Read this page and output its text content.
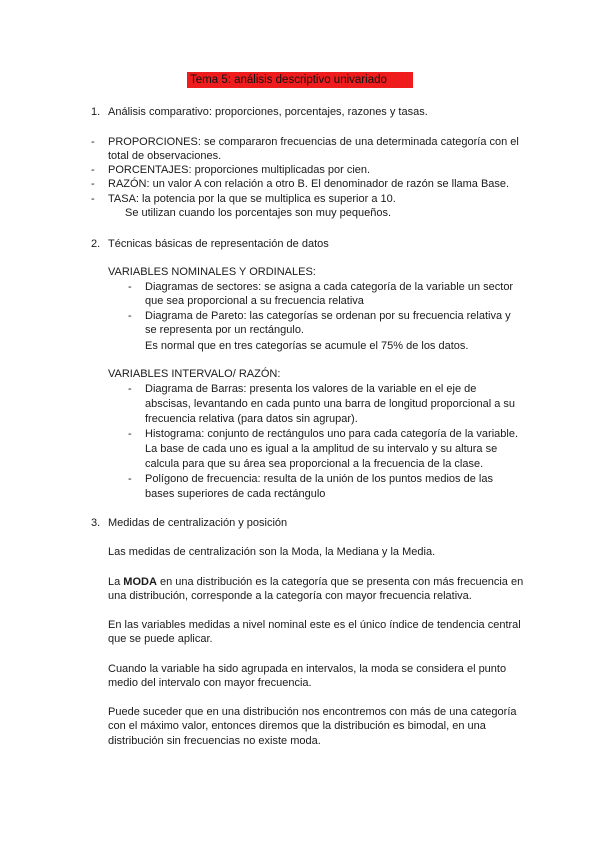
Tema 5: análisis descriptivo univariado
1. Análisis comparativo: proporciones, porcentajes, razones y tasas.
- PROPORCIONES: se compararon frecuencias de una determinada categoría con el
total de observaciones.
- PORCENTAJES: proporciones multiplicadas por cien.
- RAZÓN: un valor A con relación a otro B. El denominador de razón se llama Base.
- TASA: la potencia por la que se multiplica es superior a 10.
Se utilizan cuando los porcentajes son muy pequeños.
2. Técnicas básicas de representación de datos
VARIABLES NOMINALES Y ORDINALES:
- Diagramas de sectores: se asigna a cada categoría de la variable un sector
que sea proporcional a su frecuencia relativa
- Diagrama de Pareto: las categorías se ordenan por su frecuencia relativa y
se representa por un rectángulo.
Es normal que en tres categorías se acumule el 75% de los datos.
VARIABLES INTERVALO/ RAZÓN:
- Diagrama de Barras: presenta los valores de la variable en el eje de
abscisas, levantando en cada punto una barra de longitud proporcional a su
frecuencia relativa (para datos sin agrupar).
- Histograma: conjunto de rectángulos uno para cada categoría de la variable.
La base de cada uno es igual a la amplitud de su intervalo y su altura se
calcula para que su área sea proporcional a la frecuencia de la clase.
- Polígono de frecuencia: resulta de la unión de los puntos medios de las
bases superiores de cada rectángulo
3. Medidas de centralización y posición
Las medidas de centralización son la Moda, la Mediana y la Media.
La MODA en una distribución es la categoría que se presenta con más frecuencia en
una distribución, corresponde a la categoría con mayor frecuencia relativa.
En las variables medidas a nivel nominal este es el único índice de tendencia central
que se puede aplicar.
Cuando la variable ha sido agrupada en intervalos, la moda se considera el punto
medio del intervalo con mayor frecuencia.
Puede suceder que en una distribución nos encontremos con más de una categoría
con el máximo valor, entonces diremos que la distribución es bimodal, en una
distribución sin frecuencias no existe moda.
